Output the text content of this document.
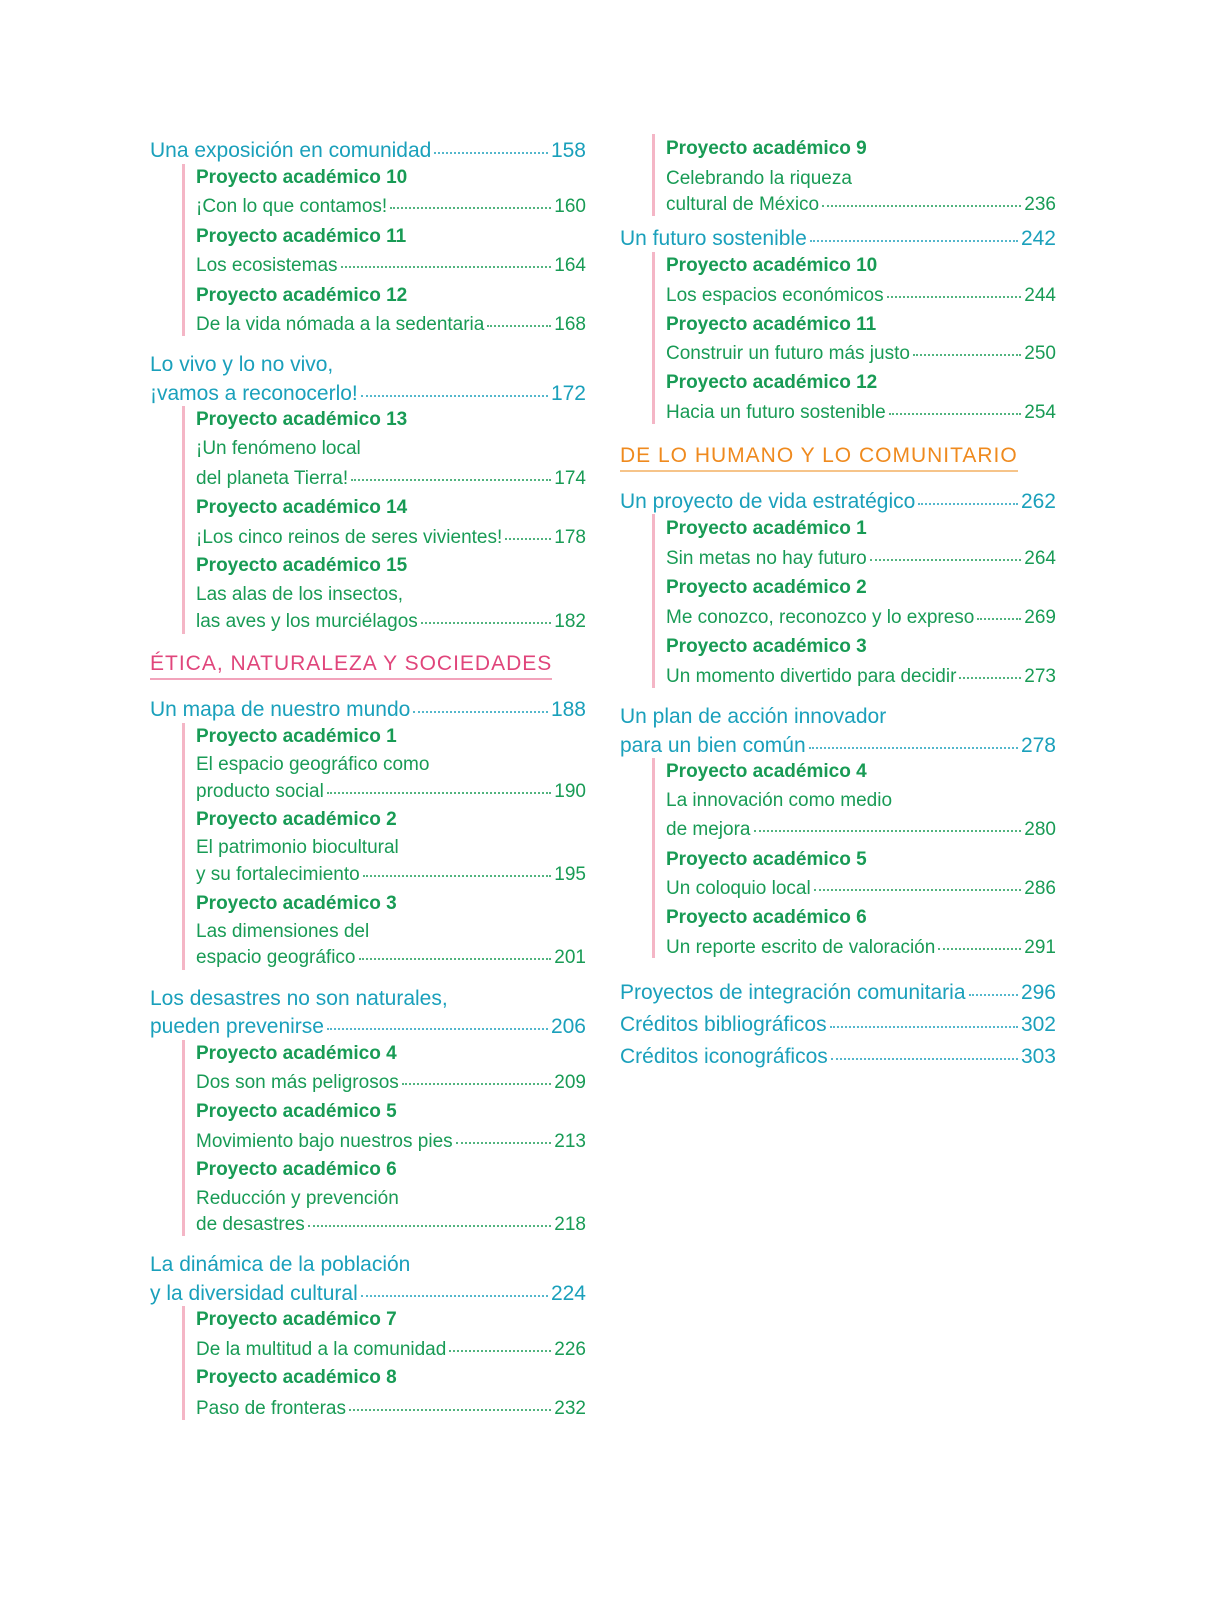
Una exposición en comunidad	158
Proyecto académico 10
¡Con lo que contamos!	160
Proyecto académico 11
Los ecosistemas	164
Proyecto académico 12
De la vida nómada a la sedentaria	168
Lo vivo y lo no vivo,
¡vamos a reconocerlo!	172
Proyecto académico 13
¡Un fenómeno local
del planeta Tierra!	174
Proyecto académico 14
¡Los cinco reinos de seres vivientes!	178
Proyecto académico 15
Las alas de los insectos,
las aves y los murciélagos	182
ÉTICA, NATURALEZA Y SOCIEDADES
Un mapa de nuestro mundo	188
Proyecto académico 1
El espacio geográfico como
producto social	190
Proyecto académico 2
El patrimonio biocultural
y su fortalecimiento	195
Proyecto académico 3
Las dimensiones del
espacio geográfico	201
Los desastres no son naturales,
pueden prevenirse	206
Proyecto académico 4
Dos son más peligrosos	209
Proyecto académico 5
Movimiento bajo nuestros pies	213
Proyecto académico 6
Reducción y prevención
de desastres	218
La dinámica de la población
y la diversidad cultural	224
Proyecto académico 7
De la multitud a la comunidad	226
Proyecto académico 8
Paso de fronteras	232
Proyecto académico 9
Celebrando la riqueza
cultural de México	236
Un futuro sostenible	242
Proyecto académico 10
Los espacios económicos	244
Proyecto académico 11
Construir un futuro más justo	250
Proyecto académico 12
Hacia un futuro sostenible	254
DE LO HUMANO Y LO COMUNITARIO
Un proyecto de vida estratégico	262
Proyecto académico 1
Sin metas no hay futuro	264
Proyecto académico 2
Me conozco, reconozco y lo expreso	269
Proyecto académico 3
Un momento divertido para decidir	273
Un plan de acción innovador
para un bien común	278
Proyecto académico 4
La innovación como medio
de mejora	280
Proyecto académico 5
Un coloquio local	286
Proyecto académico 6
Un reporte escrito de valoración	291
Proyectos de integración comunitaria	296
Créditos bibliográficos	302
Créditos iconográficos	303
